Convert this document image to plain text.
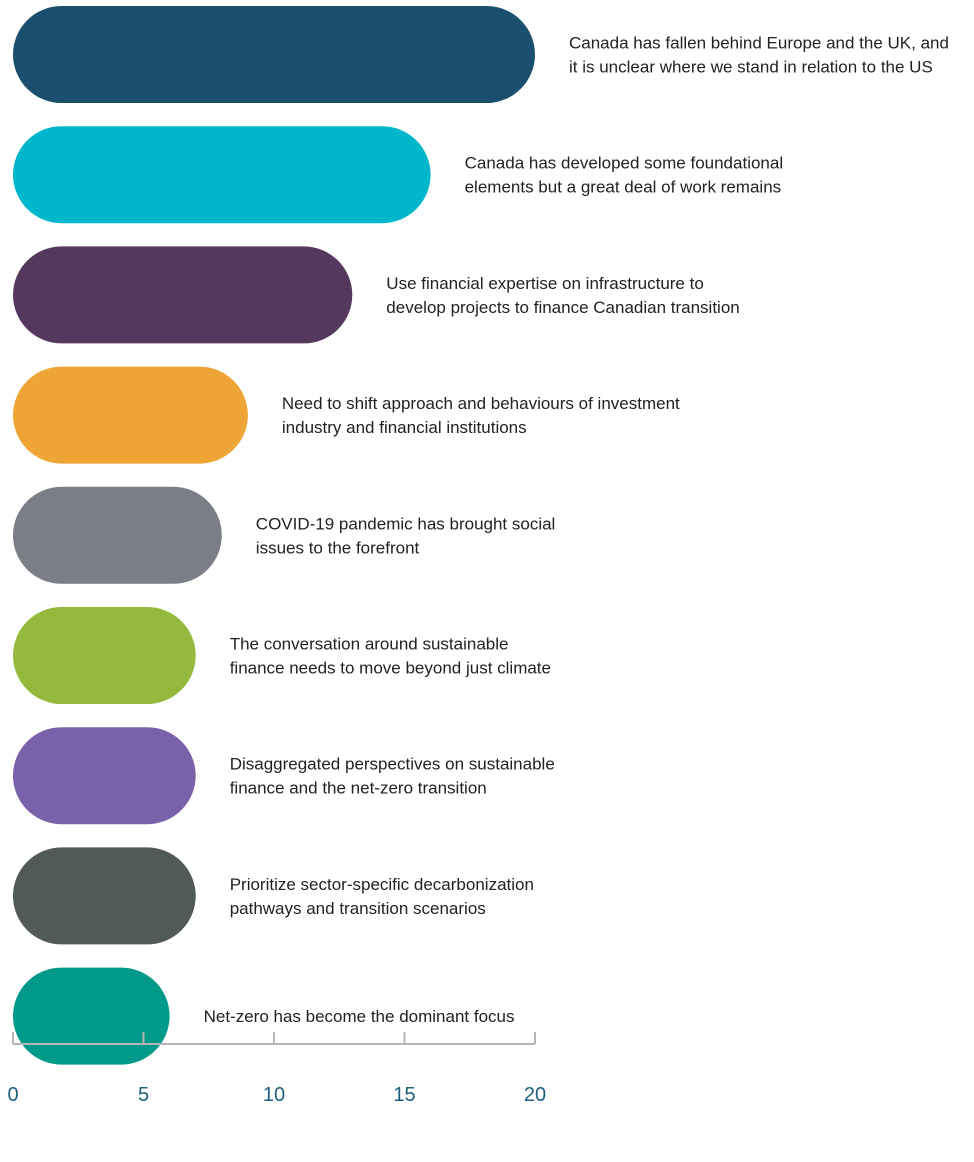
Canada has fallen behind Europe and the UK, and it is unclear where we stand in relation to the US
Canada has developed some foundational elements but a great deal of work remains
Use financial expertise on infrastructure to develop projects to finance Canadian transition
Need to shift approach and behaviours of investment industry and financial institutions
COVID-19 pandemic has brought social issues to the forefront
The conversation around sustainable finance needs to move beyond just climate
Disaggregated perspectives on sustainable finance and the net-zero transition
Prioritize sector-specific decarbonization pathways and transition scenarios
Net-zero has become the dominant focus
0	5	10	15	20
